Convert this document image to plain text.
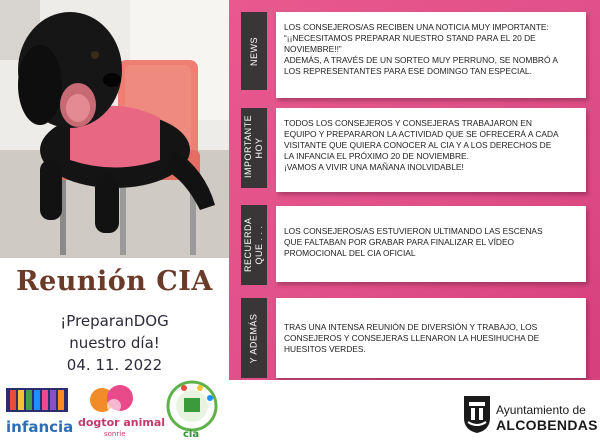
Reunión CIA
¡PreparanDOG
nuestro día!
04. 11. 2022
infancia dogtor animal
sonrie	cia
NEWS

LOS CONSEJEROS/AS RECIBEN UNA NOTICIA MUY IMPORTANTE:

“¡¡NECESITAMOS PREPARAR NUESTRO STAND PARA EL 20 DE

NOVIEMBRE!!”

ADEMÁS, A TRAVÉS DE UN SORTEO MUY PERRUNO, SE NOMBRÓ A

LOS REPRESENTANTES PARA ESE DOMINGO TAN ESPECIAL.

IMPORTANTE HOY

TODOS LOS CONSEJEROS Y CONSEJERAS TRABAJARON EN

EQUIPO Y PREPARARON LA ACTIVIDAD QUE SE OFRECERÁ A CADA

VISITANTE QUE QUIERA CONOCER AL CIA Y A LOS DERECHOS DE

LA INFANCIA EL PRÓXIMO 20 DE NOVIEMBRE.

¡VAMOS A VIVIR UNA MAÑANA INOLVIDABLE!

RECUERDA QUE . . . LOS CONSEJEROS/AS ESTUVIERON ULTIMANDO LAS ESCENAS

QUE FALTABAN POR GRABAR PARA FINALIZAR EL VÍDEO

PROMOCIONAL DEL CIA OFICIAL

Y ADEMÁS	TRAS UNA INTENSA REUNIÓN DE DIVERSIÓN Y TRABAJO, LOS

CONSEJEROS Y CONSEJERAS LLENARON LA HUESIHUCHA DE

HUESITOS VERDES.

Ayuntamiento de
ALCOBENDAS
